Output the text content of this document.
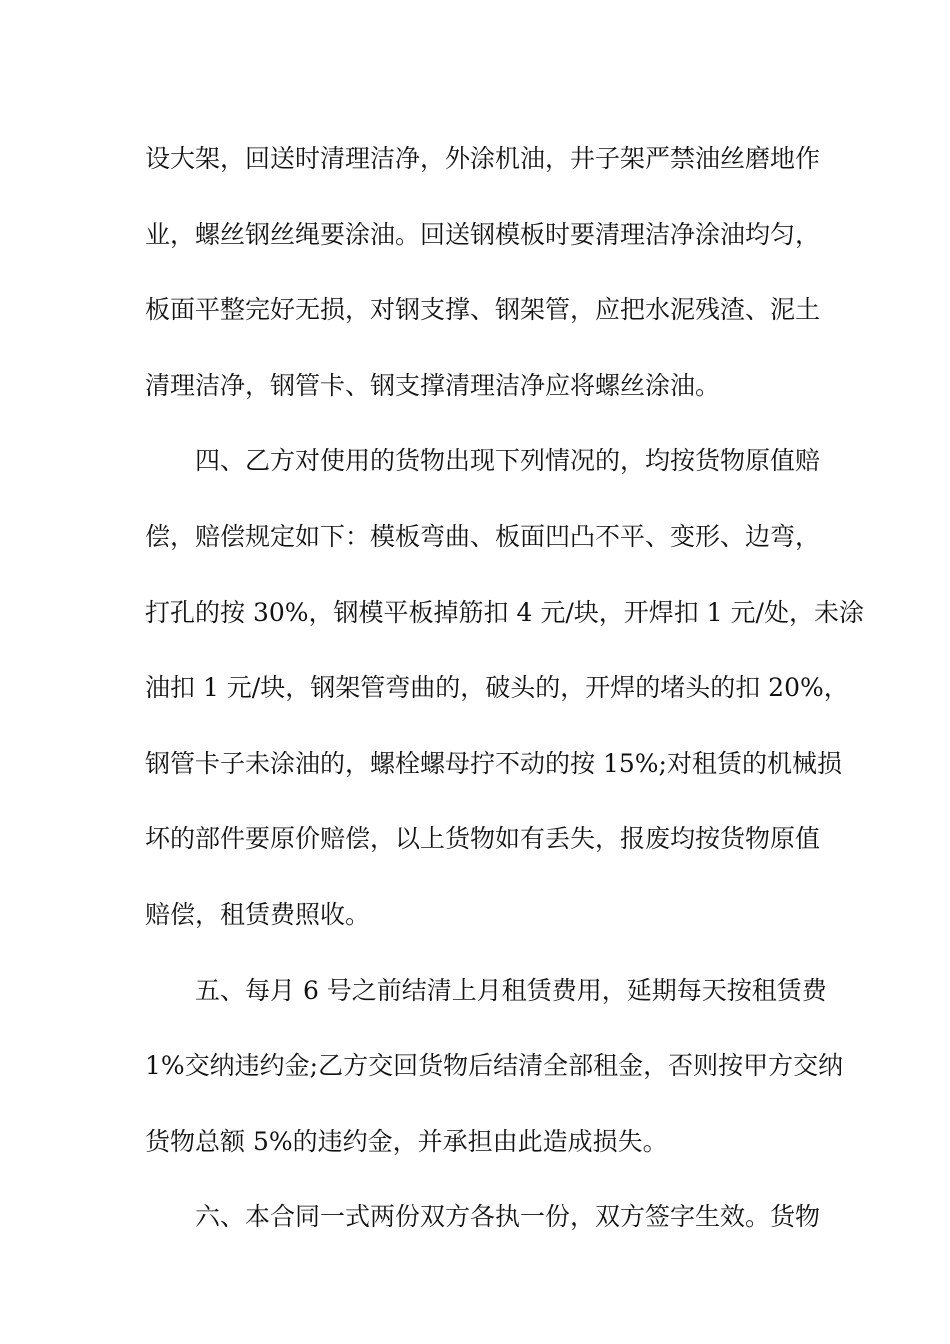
设大架，回送时清理洁净，外涂机油，井子架严禁油丝磨地作
业，螺丝钢丝绳要涂油。回送钢模板时要清理洁净涂油均匀，
板面平整完好无损，对钢支撑、钢架管，应把水泥残渣、泥土
清理洁净，钢管卡、钢支撑清理洁净应将螺丝涂油。
四、乙方对使用的货物出现下列情况的，均按货物原值赔
偿，赔偿规定如下：模板弯曲、板面凹凸不平、变形、边弯，
打孔的按 30%，钢模平板掉筋扣 4 元/块，开焊扣 1 元/处，未涂
油扣 1 元/块，钢架管弯曲的，破头的，开焊的堵头的扣 20%，
钢管卡子未涂油的，螺栓螺母拧不动的按 15%;对租赁的机械损
坏的部件要原价赔偿，以上货物如有丢失，报废均按货物原值
赔偿，租赁费照收。
五、每月 6 号之前结清上月租赁费用，延期每天按租赁费
1%交纳违约金;乙方交回货物后结清全部租金，否则按甲方交纳
货物总额 5%的违约金，并承担由此造成损失。
六、本合同一式两份双方各执一份，双方签字生效。货物
